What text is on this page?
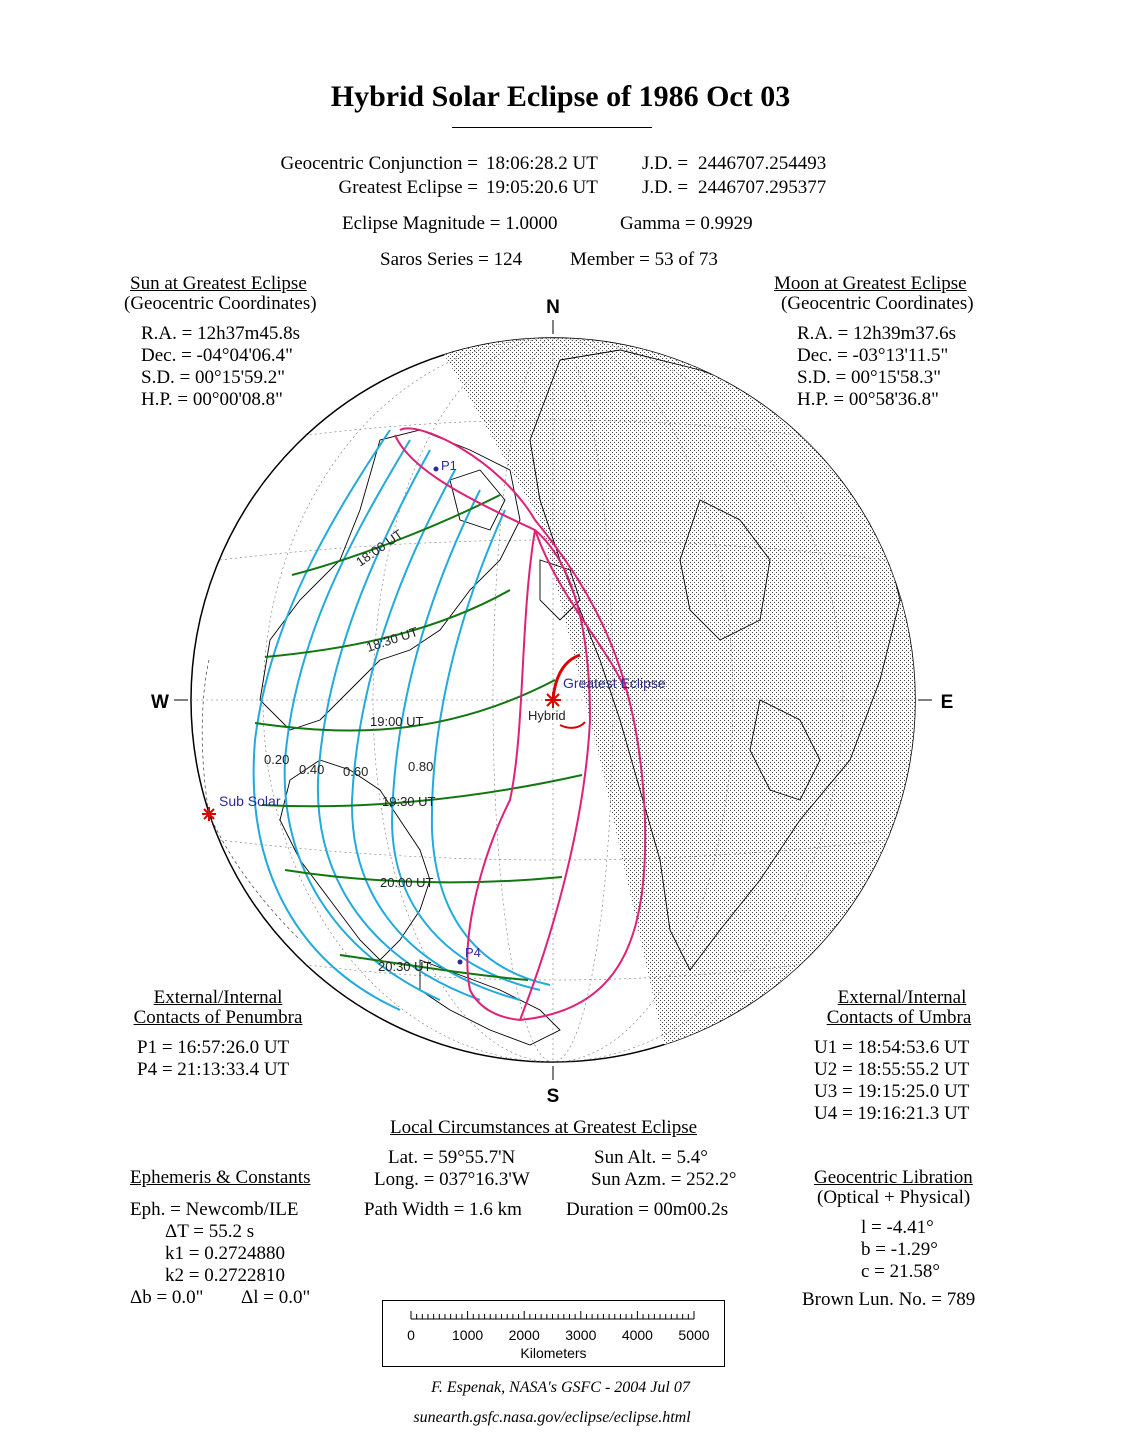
Hybrid Solar Eclipse of 1986 Oct 03
Geocentric Conjunction = 18:06:28.2 UT J.D. = 2446707.254493
Greatest Eclipse = 19:05:20.6 UT J.D. = 2446707.295377
Eclipse Magnitude = 1.0000	Gamma = 0.9929
Saros Series = 124	Member = 53 of 73
Sun at Greatest Eclipse
(Geocentric Coordinates)
R.A. = 12h37m45.8s
Dec. = -04°04'06.4"
S.D. = 00°15'59.2"
H.P. = 00°00'08.8"
Moon at Greatest Eclipse
(Geocentric Coordinates)
R.A. = 12h39m37.6s
Dec. = -03°13'11.5"
S.D. = 00°15'58.3"
H.P. = 00°58'36.8"
N
S
W	E
P1
P4
Greatest Eclipse
Hybrid
Sub Solar
18:00 UT
18:30 UT
19:00 UT
19:30 UT
20:00 UT
20:30 UT
0.20
0.40 0.60	0.80
External/Internal
Contacts of Penumbra
P1 = 16:57:26.0 UT
P4 = 21:13:33.4 UT
External/Internal
Contacts of Umbra
U1 = 18:54:53.6 UT
U2 = 18:55:55.2 UT
U3 = 19:15:25.0 UT
U4 = 19:16:21.3 UT
Local Circumstances at Greatest Eclipse
Lat. = 59°55.7'N
Long. = 037°16.3'W
Sun Alt. = 5.4°
Sun Azm. = 252.2°
Path Width = 1.6 km Duration = 00m00.2s
Ephemeris & Constants
Eph. = Newcomb/ILE
ΔT = 55.2 s
k1 = 0.2724880
k2 = 0.2722810
Δb = 0.0" Δl = 0.0"
Geocentric Libration
(Optical + Physical)
l = -4.41°
b = -1.29°
c = 21.58°
Brown Lun. No. = 789
Kilometers
0	1000	2000	3000	4000	5000
F. Espenak, NASA's GSFC - 2004 Jul 07
sunearth.gsfc.nasa.gov/eclipse/eclipse.html
